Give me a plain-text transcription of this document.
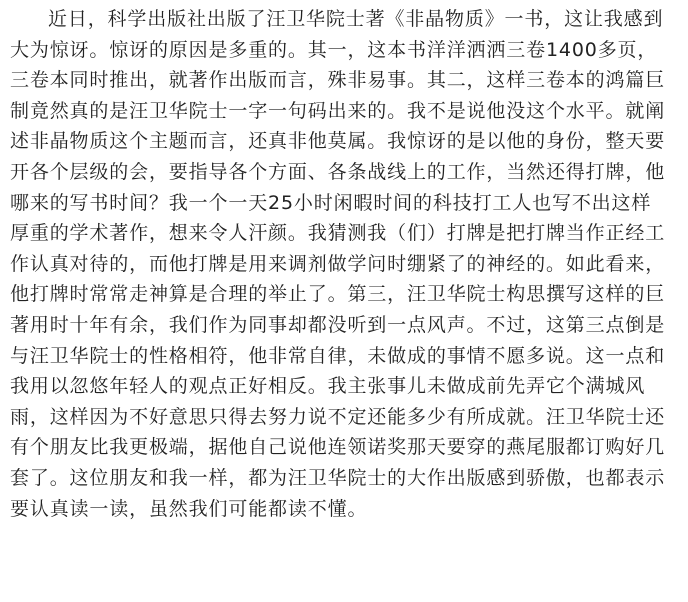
近日，科学出版社出版了汪卫华院士著《非晶物质》一书，这让我感到
大为惊讶。惊讶的原因是多重的。其一，这本书洋洋洒洒三卷1400多页，
三卷本同时推出，就著作出版而言，殊非易事。其二，这样三卷本的鸿篇巨
制竟然真的是汪卫华院士一字一句码出来的。我不是说他没这个水平。就阐
述非晶物质这个主题而言，还真非他莫属。我惊讶的是以他的身份，整天要
开各个层级的会，要指导各个方面、各条战线上的工作，当然还得打牌，他
哪来的写书时间？我一个一天25小时闲暇时间的科技打工人也写不出这样
厚重的学术著作，想来令人汗颜。我猜测我（们）打牌是把打牌当作正经工
作认真对待的，而他打牌是用来调剂做学问时绷紧了的神经的。如此看来，
他打牌时常常走神算是合理的举止了。第三，汪卫华院士构思撰写这样的巨
著用时十年有余，我们作为同事却都没听到一点风声。不过，这第三点倒是
与汪卫华院士的性格相符，他非常自律，未做成的事情不愿多说。这一点和
我用以忽悠年轻人的观点正好相反。我主张事儿未做成前先弄它个满城风
雨，这样因为不好意思只得去努力说不定还能多少有所成就。汪卫华院士还
有个朋友比我更极端，据他自己说他连领诺奖那天要穿的燕尾服都订购好几
套了。这位朋友和我一样，都为汪卫华院士的大作出版感到骄傲，也都表示
要认真读一读，虽然我们可能都读不懂。
